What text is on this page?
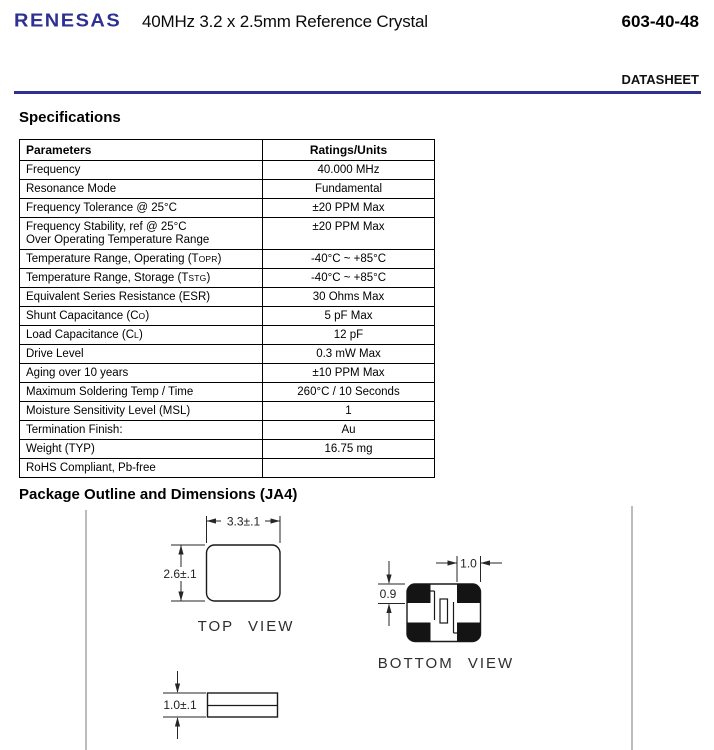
RENESAS 40MHz 3.2 x 2.5mm Reference Crystal	603-40-48
DATASHEET
Specifications
Parameters	Ratings/Units
Frequency	40.000 MHz
Resonance Mode	Fundamental
Frequency Tolerance @ 25°C	±20 PPM Max
Frequency Stability, ref @ 25°C
Over Operating Temperature Range	±20 PPM Max
Temperature Range, Operating (TOPR)	-40°C ~ +85°C
Temperature Range, Storage (TSTG)	-40°C ~ +85°C
Equivalent Series Resistance (ESR)	30 Ohms Max
Shunt Capacitance (CO)	5 pF Max
Load Capacitance (CL)	12 pF
Drive Level	0.3 mW Max
Aging over 10 years	±10 PPM Max
Maximum Soldering Temp / Time	260°C / 10 Seconds
Moisture Sensitivity Level (MSL)	1
Termination Finish:	Au
Weight (TYP)	16.75 mg
RoHS Compliant, Pb-free	
Package Outline and Dimensions (JA4)
3.3±.1
2.6±.1
TOP VIEW
1.0
0.9
BOTTOM VIEW
1.0±.1
